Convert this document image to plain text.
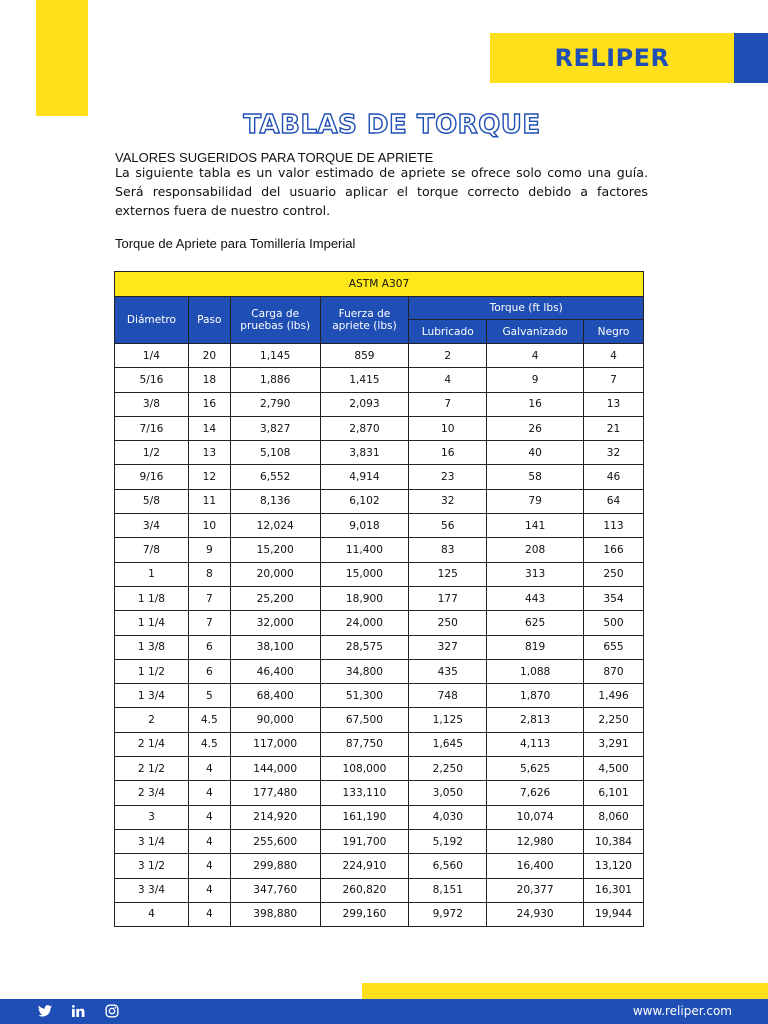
RELIPER
TABLAS DE TORQUE
VALORES SUGERIDOS PARA TORQUE DE APRIETE
La siguiente tabla es un valor estimado de apriete se ofrece solo como una guía. Será responsabilidad del usuario aplicar el torque correcto debido a factores externos fuera de nuestro control.
Torque de Apriete para Tomillería Imperial
ASTM A307						
Diámetro	Paso	Carga de pruebas (lbs)	Fuerza de apriete (lbs)	Torque (ft lbs)		
				Lubricado	Galvanizado	Negro
1/4	20	1,145	859	2	4	4
5/16	18	1,886	1,415	4	9	7
3/8	16	2,790	2,093	7	16	13
7/16	14	3,827	2,870	10	26	21
1/2	13	5,108	3,831	16	40	32
9/16	12	6,552	4,914	23	58	46
5/8	11	8,136	6,102	32	79	64
3/4	10	12,024	9,018	56	141	113
7/8	9	15,200	11,400	83	208	166
1	8	20,000	15,000	125	313	250
1 1/8	7	25,200	18,900	177	443	354
1 1/4	7	32,000	24,000	250	625	500
1 3/8	6	38,100	28,575	327	819	655
1 1/2	6	46,400	34,800	435	1,088	870
1 3/4	5	68,400	51,300	748	1,870	1,496
2	4.5	90,000	67,500	1,125	2,813	2,250
2 1/4	4.5	117,000	87,750	1,645	4,113	3,291
2 1/2	4	144,000	108,000	2,250	5,625	4,500
2 3/4	4	177,480	133,110	3,050	7,626	6,101
3	4	214,920	161,190	4,030	10,074	8,060
3 1/4	4	255,600	191,700	5,192	12,980	10,384
3 1/2	4	299,880	224,910	6,560	16,400	13,120
3 3/4	4	347,760	260,820	8,151	20,377	16,301
4	4	398,880	299,160	9,972	24,930	19,944
www.reliper.com
